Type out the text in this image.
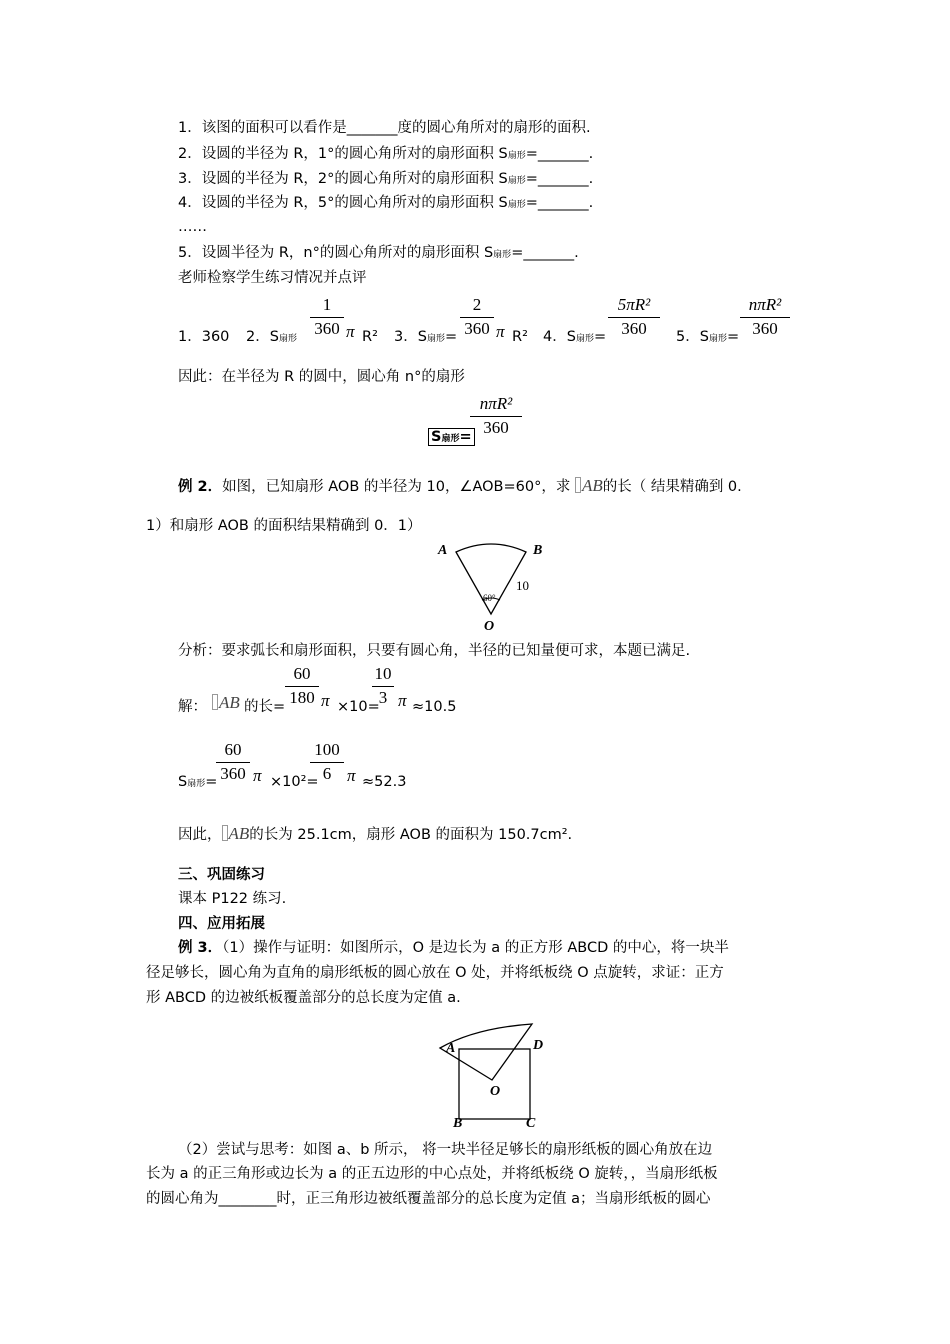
1．该图的面积可以看作是_______度的圆心角所对的扇形的面积.
2．设圆的半径为 R，1°的圆心角所对的扇形面积 S扇形=_______.
3．设圆的半径为 R，2°的圆心角所对的扇形面积 S扇形=_______.
4．设圆的半径为 R，5°的圆心角所对的扇形面积 S扇形=_______.
……
5．设圆半径为 R，n°的圆心角所对的扇形面积 S扇形=_______.
老师检察学生练习情况并点评
1．360 2．S扇形
1
360 π R² 3．S扇形=
2
360 π R² 4．S扇形=
5πR²
360	5．S扇形=
nπR²
360
因此：在半径为 R 的圆中，圆心角 n°的扇形
S扇形=
nπR²
360
例 2．如图，已知扇形 AOB 的半径为 10，∠AOB=60°，求 AB的长（ 结果精确到 0.
1）和扇形 AOB 的面积结果精确到 0．1）
A	B
O
10
60°
分析：要求弧长和扇形面积，只要有圆心角，半径的已知量便可求，本题已满足.
解： AB 的长=
60
180 π ×10=
10
3 π ≈10.5
S扇形=
60
360 π ×10²=
100
6 π ≈52.3
因此， AB的长为 25.1cm，扇形 AOB 的面积为 150.7cm².
三、巩固练习
课本 P122 练习.
四、应用拓展
例 3．（1）操作与证明：如图所示，O 是边长为 a 的正方形 ABCD 的中心，将一块半
径足够长，圆心角为直角的扇形纸板的圆心放在 O 处，并将纸板绕 O 点旋转，求证：正方
形 ABCD 的边被纸板覆盖部分的总长度为定值 a.
A	D
O
B	C
（2）尝试与思考：如图 a、b 所示， 将一块半径足够长的扇形纸板的圆心角放在边
长为 a 的正三角形或边长为 a 的正五边形的中心点处，并将纸板绕 O 旋转，，当扇形纸板
的圆心角为________时，正三角形边被纸覆盖部分的总长度为定值 a；当扇形纸板的圆心
